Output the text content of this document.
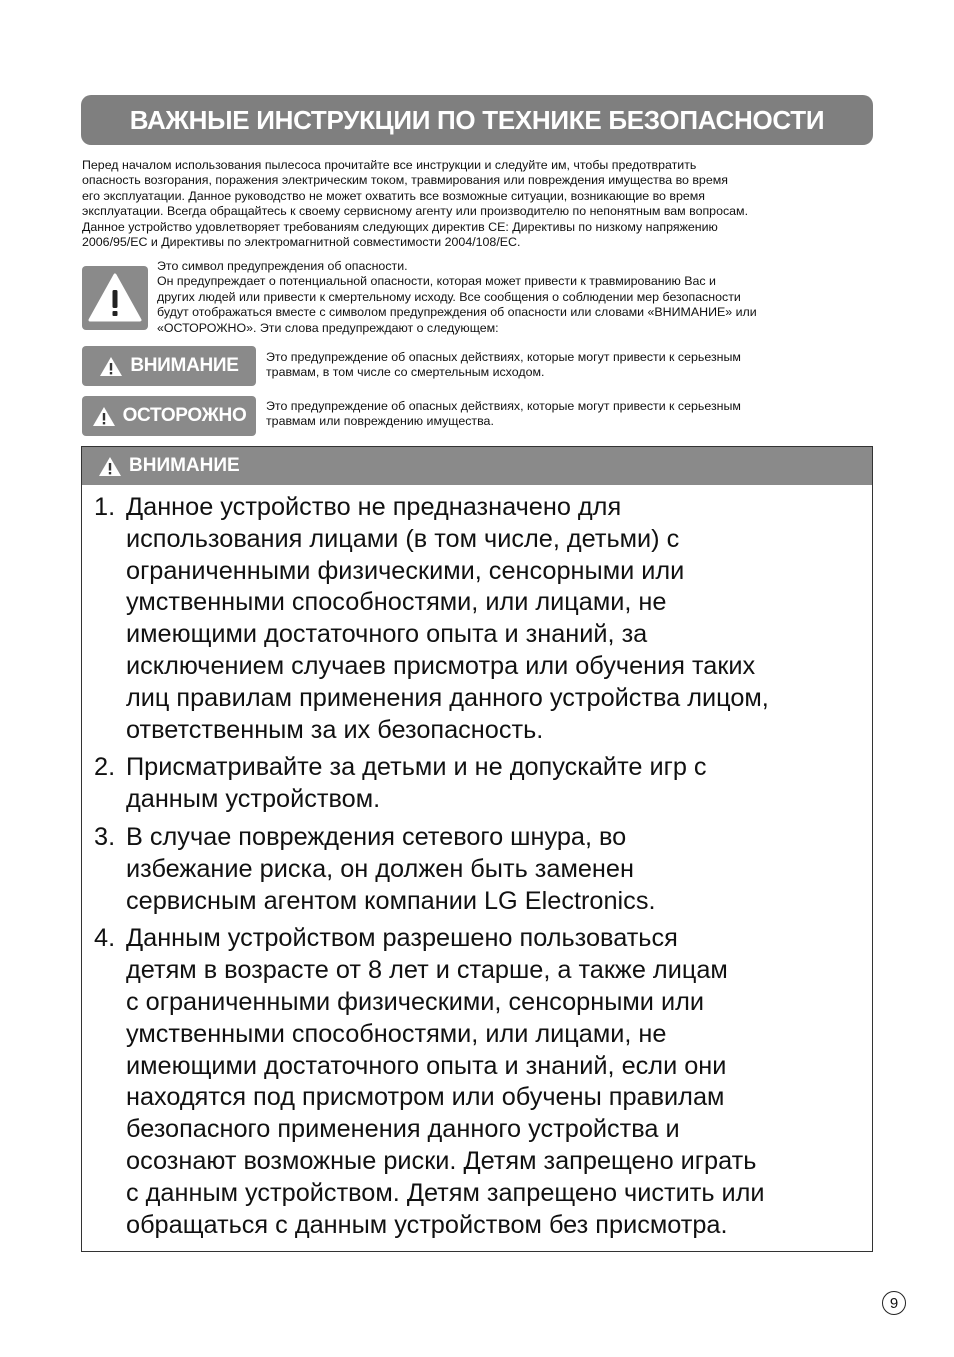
ВАЖНЫЕ ИНСТРУКЦИИ ПО ТЕХНИКЕ БЕЗОПАСНОСТИ

Перед началом использования пылесоса прочитайте все инструкции и следуйте им, чтобы предотвратить
опасность возгорания, поражения электрическим током, травмирования или повреждения имущества во время
его эксплуатации. Данное руководство не может охватить все возможные ситуации, возникающие во время
эксплуатации. Всегда обращайтесь к своему сервисному агенту или производителю по непонятным вам вопросам.
Данное устройство удовлетворяет требованиям следующих директив CE: Директивы по низкому напряжению
2006/95/EC и Директивы по электромагнитной совместимости 2004/108/EC.

Это символ предупреждения об опасности.
Он предупреждает о потенциальной опасности, которая может привести к травмированию Вас и
других людей или привести к смертельному исходу. Все сообщения о соблюдении мер безопасности
будут отображаться вместе с символом предупреждения об опасности или словами «ВНИМАНИЕ» или
«ОСТОРОЖНО». Эти слова предупреждают о следующем:

ВНИМАНИЕ Это предупреждение об опасных действиях, которые могут привести к серьезным
травмам, в том числе со смертельным исходом.

ОСТОРОЖНО Это предупреждение об опасных действиях, которые могут привести к серьезным
травмам или повреждению имущества.

ВНИМАНИЕ
1. Данное устройство не предназначено для
использования лицами (в том числе, детьми) с
ограниченными физическими, сенсорными или
умственными способностями, или лицами, не
имеющими достаточного опыта и знаний, за
исключением случаев присмотра или обучения таких
лиц правилам применения данного устройства лицом,
ответственным за их безопасность.
2. Присматривайте за детьми и не допускайте игр с
данным устройством.
3. В случае повреждения сетевого шнура, во
избежание риска, он должен быть заменен
сервисным агентом компании LG Electronics.
4. Данным устройством разрешено пользоваться
детям в возрасте от 8 лет и старше, а также лицам
с ограниченными физическими, сенсорными или
умственными способностями, или лицами, не
имеющими достаточного опыта и знаний, если они
находятся под присмотром или обучены правилам
безопасного применения данного устройства и
осознают возможные риски. Детям запрещено играть
с данным устройством. Детям запрещено чистить или
обращаться с данным устройством без присмотра.
9
